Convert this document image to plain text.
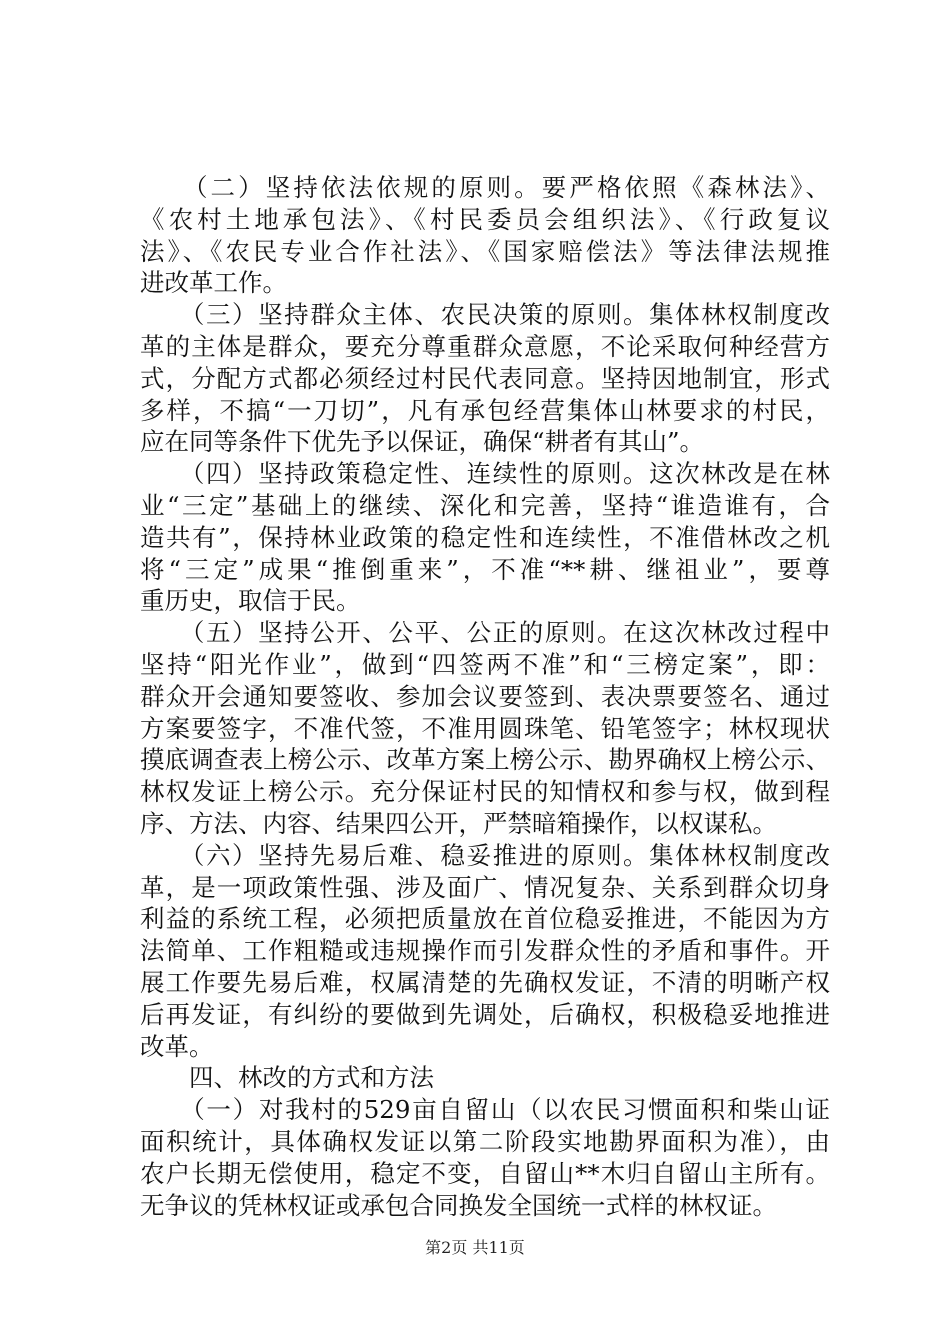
　　（二）坚持依法依规的原则。要严格依照《森林法》、
《农村土地承包法》、《村民委员会组织法》、《行政复议
法》、《农民专业合作社法》、《国家赔偿法》等法律法规推
进改革工作。
　　（三）坚持群众主体、农民决策的原则。集体林权制度改
革的主体是群众，要充分尊重群众意愿，不论采取何种经营方
式，分配方式都必须经过村民代表同意。坚持因地制宜，形式
多样，不搞“一刀切”，凡有承包经营集体山林要求的村民，
应在同等条件下优先予以保证，确保“耕者有其山”。
　　（四）坚持政策稳定性、连续性的原则。这次林改是在林
业“三定”基础上的继续、深化和完善，坚持“谁造谁有，合
造共有”，保持林业政策的稳定性和连续性，不准借林改之机
将“三定”成果“推倒重来”，不准“**耕、继祖业”，要尊
重历史，取信于民。
　　（五）坚持公开、公平、公正的原则。在这次林改过程中
坚持“阳光作业”，做到“四签两不准”和“三榜定案”，即：
群众开会通知要签收、参加会议要签到、表决票要签名、通过
方案要签字，不准代签，不准用圆珠笔、铅笔签字；林权现状
摸底调查表上榜公示、改革方案上榜公示、勘界确权上榜公示、
林权发证上榜公示。充分保证村民的知情权和参与权，做到程
序、方法、内容、结果四公开，严禁暗箱操作，以权谋私。
　　（六）坚持先易后难、稳妥推进的原则。集体林权制度改
革，是一项政策性强、涉及面广、情况复杂、关系到群众切身
利益的系统工程，必须把质量放在首位稳妥推进，不能因为方
法简单、工作粗糙或违规操作而引发群众性的矛盾和事件。开
展工作要先易后难，权属清楚的先确权发证，不清的明晰产权
后再发证，有纠纷的要做到先调处，后确权，积极稳妥地推进
改革。
　　四、林改的方式和方法
　　（一）对我村的529亩自留山（以农民习惯面积和柴山证
面积统计，具体确权发证以第二阶段实地勘界面积为准），由
农户长期无偿使用，稳定不变，自留山**木归自留山主所有。
无争议的凭林权证或承包合同换发全国统一式样的林权证。
第2页 共11页
